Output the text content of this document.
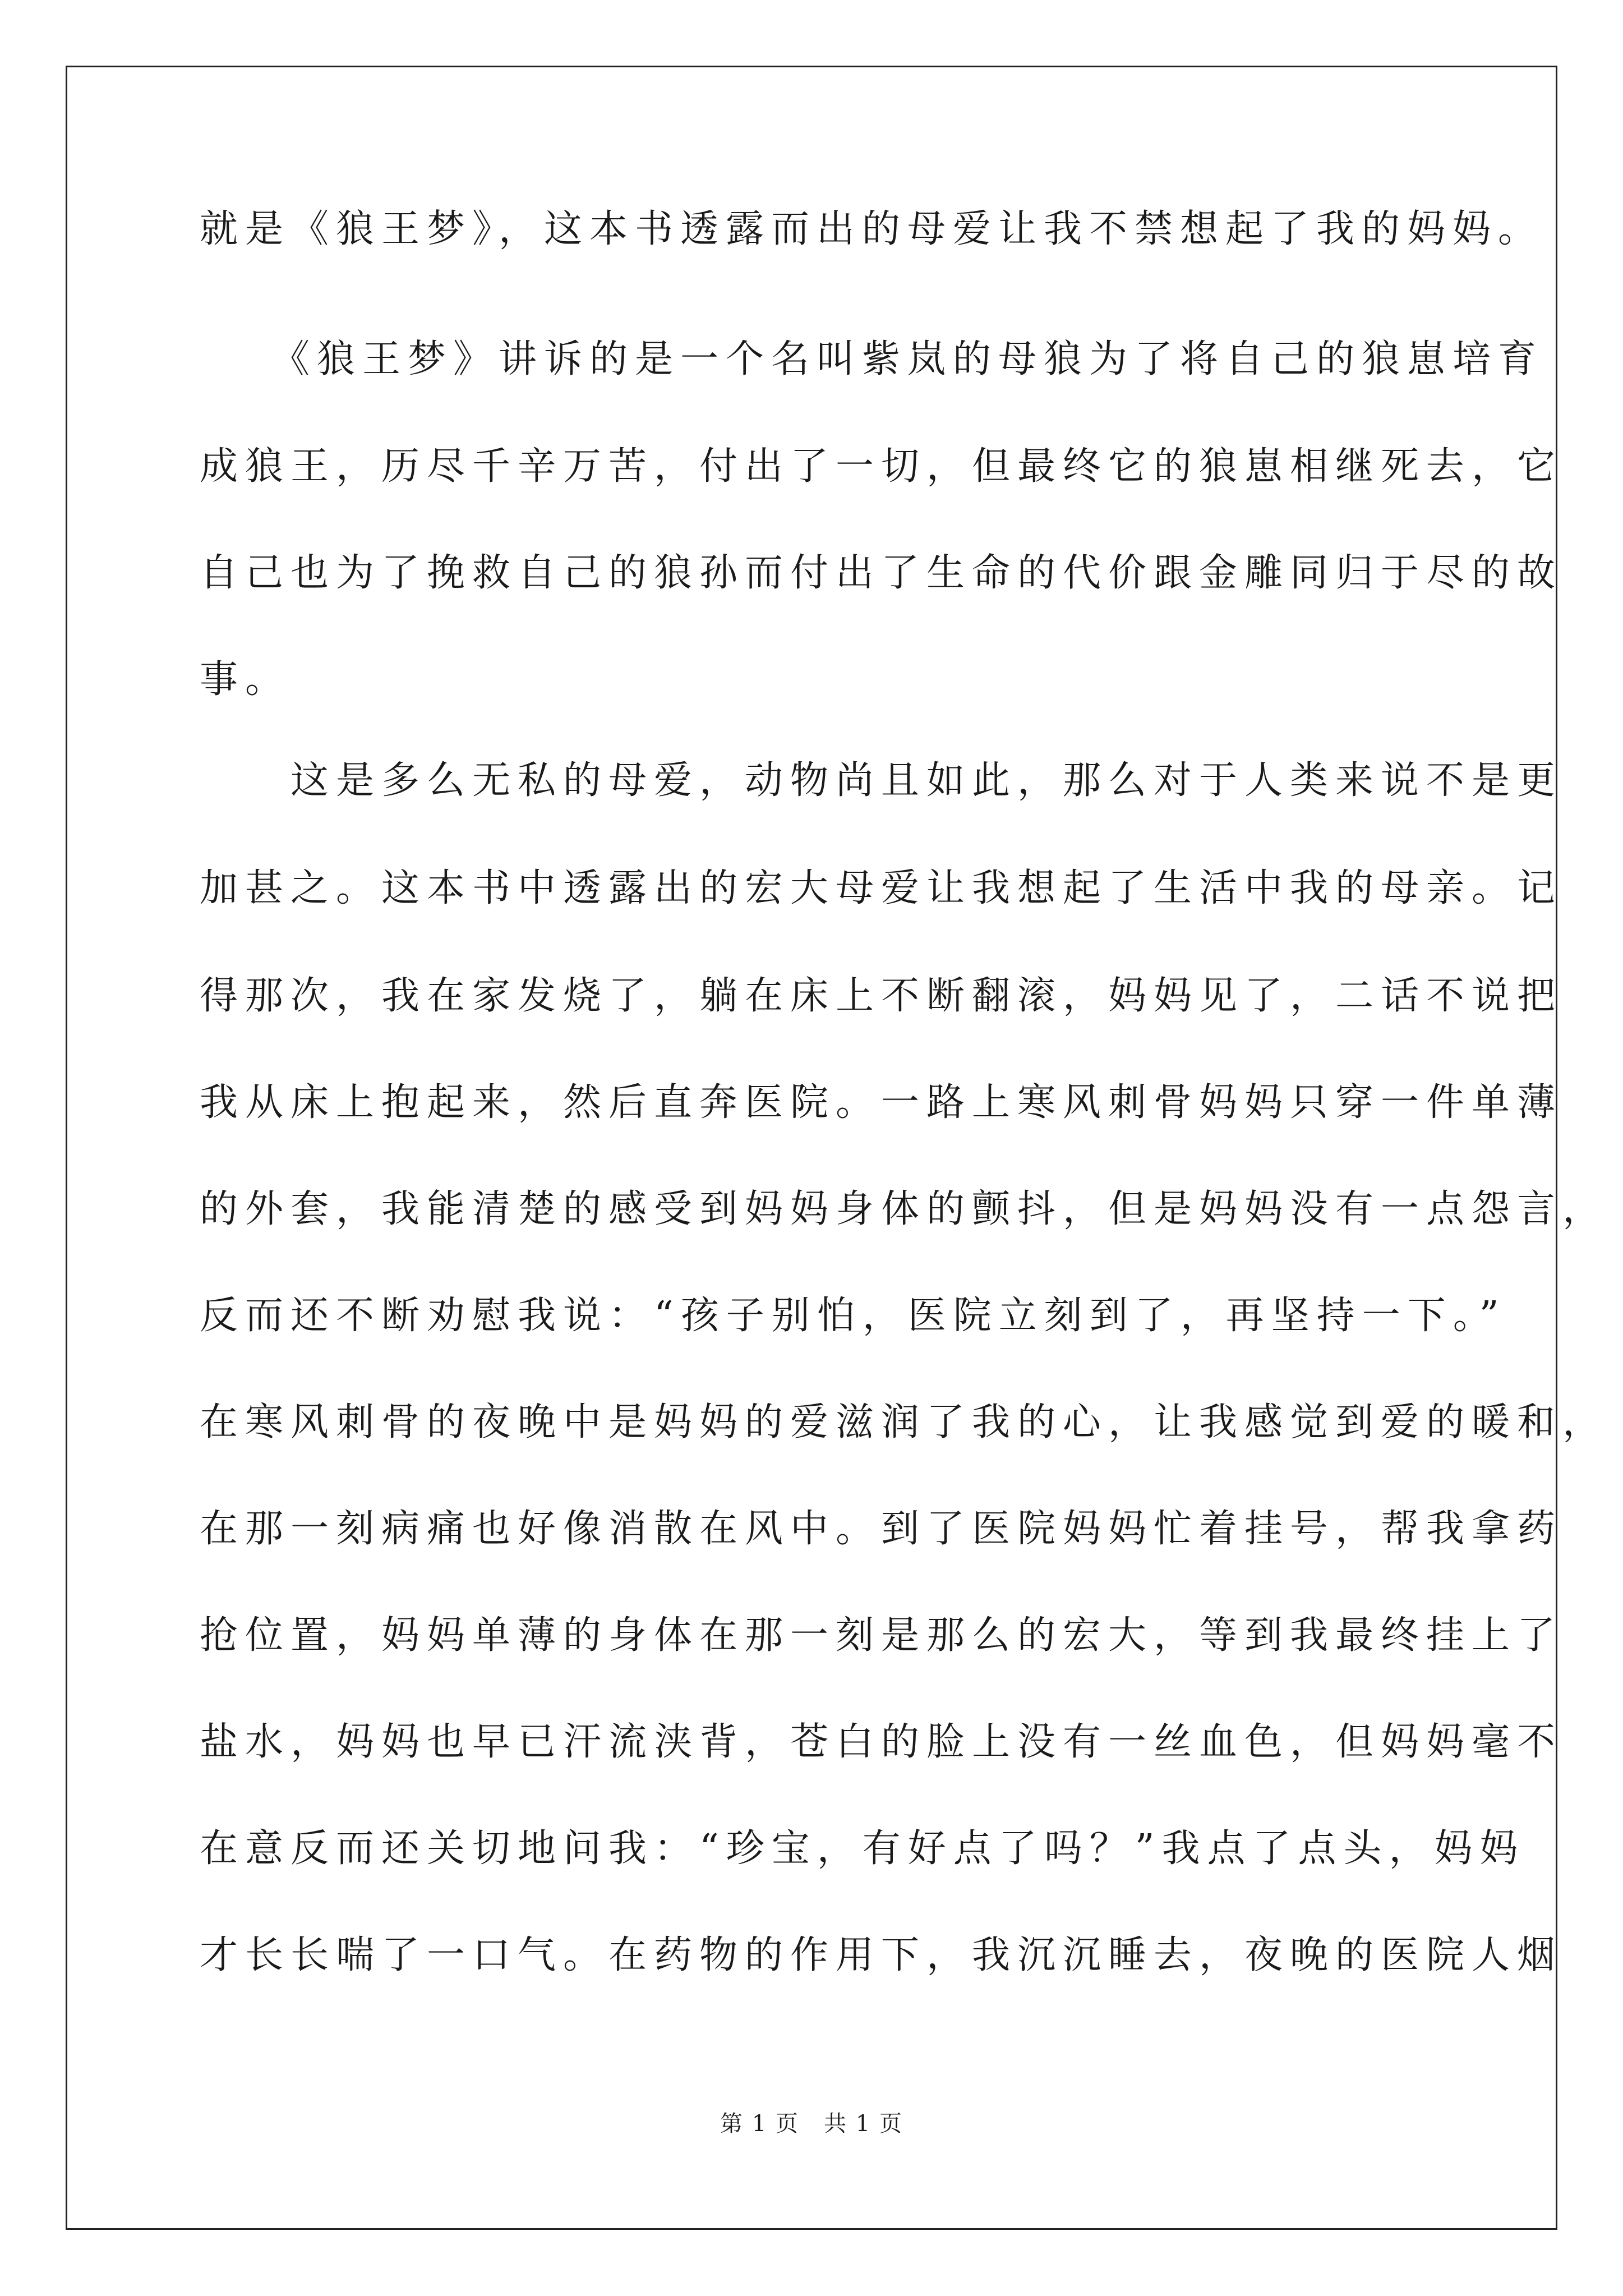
就是《狼王梦》，这本书透露而出的母爱让我不禁想起了我的妈妈。
　　《狼王梦》讲诉的是一个名叫紫岚的母狼为了将自己的狼崽培育
成狼王，历尽千辛万苦，付出了一切，但最终它的狼崽相继死去，它
自己也为了挽救自己的狼孙而付出了生命的代价跟金雕同归于尽的故
事。
　　这是多么无私的母爱，动物尚且如此，那么对于人类来说不是更
加甚之。这本书中透露出的宏大母爱让我想起了生活中我的母亲。记
得那次，我在家发烧了，躺在床上不断翻滚，妈妈见了，二话不说把
我从床上抱起来，然后直奔医院。一路上寒风刺骨妈妈只穿一件单薄
的外套，我能清楚的感受到妈妈身体的颤抖，但是妈妈没有一点怨言，
反而还不断劝慰我说：“孩子别怕，医院立刻到了，再坚持一下。”
在寒风刺骨的夜晚中是妈妈的爱滋润了我的心，让我感觉到爱的暖和，
在那一刻病痛也好像消散在风中。到了医院妈妈忙着挂号，帮我拿药
抢位置，妈妈单薄的身体在那一刻是那么的宏大，等到我最终挂上了
盐水，妈妈也早已汗流浃背，苍白的脸上没有一丝血色，但妈妈毫不
在意反而还关切地问我：“珍宝，有好点了吗？”我点了点头，妈妈
才长长喘了一口气。在药物的作用下，我沉沉睡去，夜晚的医院人烟
第 1 页   共 1 页
